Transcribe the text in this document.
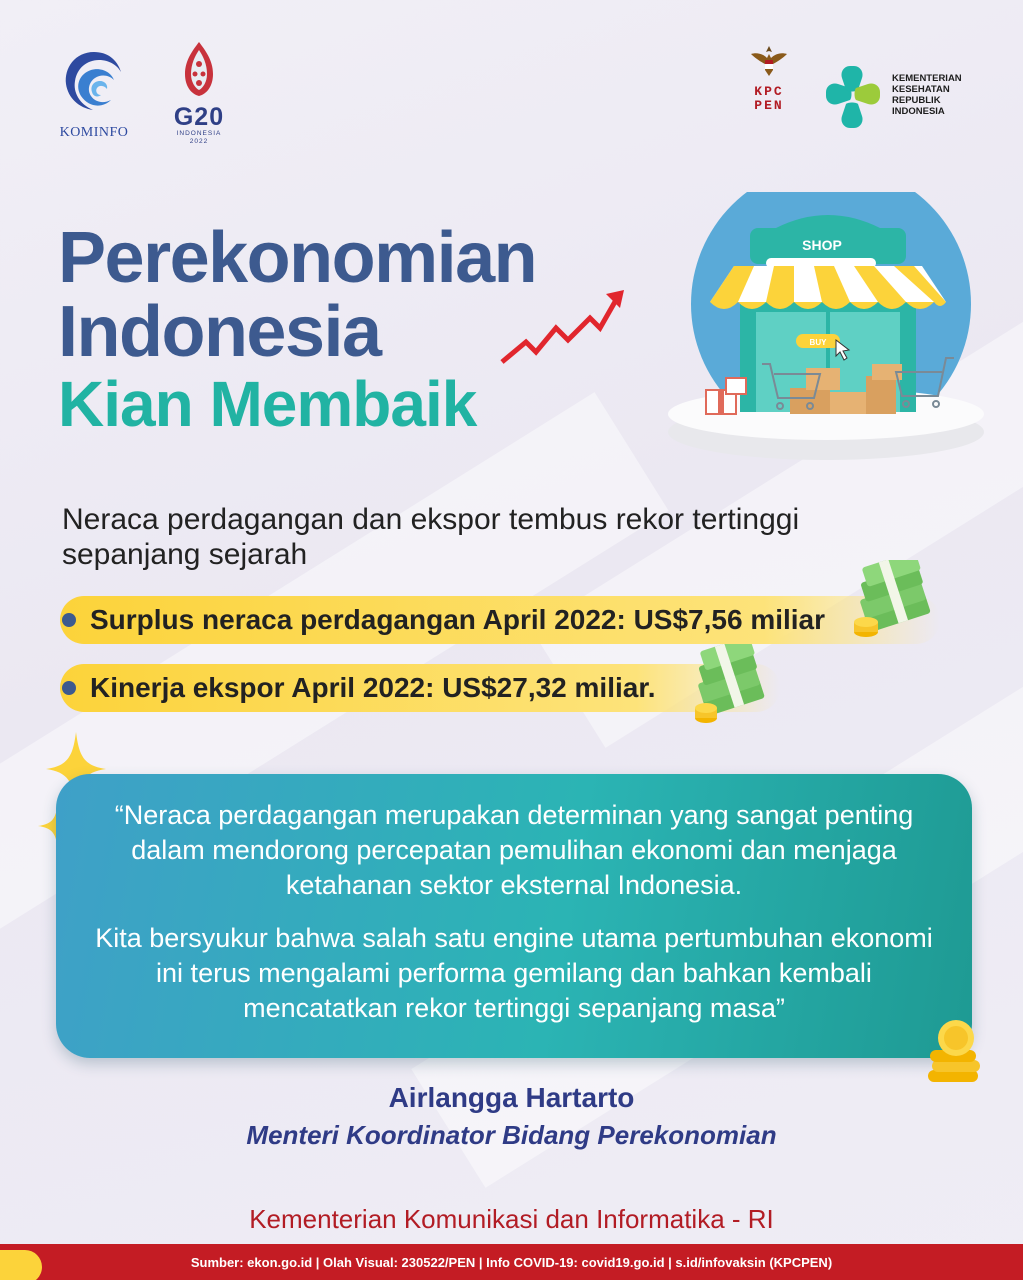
KOMINFO
G20
INDONESIA
2022
KPC
PEN
KEMENTERIAN
KESEHATAN
REPUBLIK
INDONESIA
Perekonomian
Indonesia
Kian Membaik
SHOP
BUY

Neraca perdagangan dan ekspor tembus rekor tertinggi sepanjang sejarah

Surplus neraca perdagangan April 2022: US$7,56 miliar
Kinerja ekspor April 2022: US$27,32 miliar.

“Neraca perdagangan merupakan determinan yang sangat penting dalam mendorong percepatan pemulihan ekonomi dan menjaga ketahanan sektor eksternal Indonesia.

Kita bersyukur bahwa salah satu engine utama pertumbuhan ekonomi ini terus mengalami performa gemilang dan bahkan kembali mencatatkan rekor tertinggi sepanjang masa”

Airlangga Hartarto
Menteri Koordinator Bidang Perekonomian
Kementerian Komunikasi dan Informatika - RI
Sumber: ekon.go.id | Olah Visual: 230522/PEN | Info COVID-19: covid19.go.id | s.id/infovaksin (KPCPEN)
